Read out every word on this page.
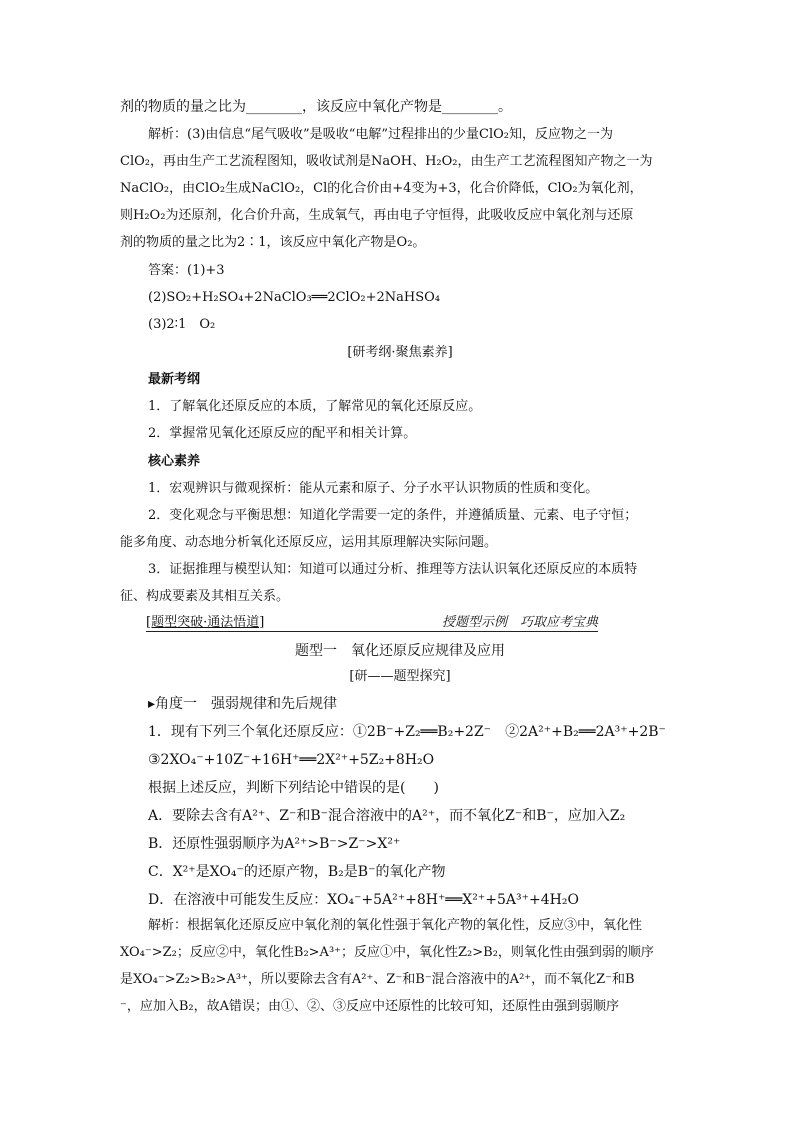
剂的物质的量之比为________，该反应中氧化产物是________。
解析：(3)由信息“尾气吸收”是吸收“电解”过程排出的少量ClO₂知，反应物之一为
ClO₂，再由生产工艺流程图知，吸收试剂是NaOH、H₂O₂，由生产工艺流程图知产物之一为
NaClO₂，由ClO₂生成NaClO₂，Cl的化合价由+4变为+3，化合价降低，ClO₂为氧化剂，
则H₂O₂为还原剂，化合价升高，生成氧气，再由电子守恒得，此吸收反应中氧化剂与还原
剂的物质的量之比为2∶1，该反应中氧化产物是O₂。
答案：(1)+3
(2)SO₂+H₂SO₄+2NaClO₃══2ClO₂+2NaHSO₄
(3)2∶1　O₂
[研考纲·聚焦素养]
最新考纲
1．了解氧化还原反应的本质，了解常见的氧化还原反应。
2．掌握常见氧化还原反应的配平和相关计算。
核心素养
1．宏观辨识与微观探析：能从元素和原子、分子水平认识物质的性质和变化。
2．变化观念与平衡思想：知道化学需要一定的条件，并遵循质量、元素、电子守恒；
能多角度、动态地分析氧化还原反应，运用其原理解决实际问题。
3．证据推理与模型认知：知道可以通过分析、推理等方法认识氧化还原反应的本质特
征、构成要素及其相互关系。
[题型突破·通法悟道]	授题型示例　巧取应考宝典
题型一　氧化还原反应规律及应用
[研——题型探究]
▸角度一　强弱规律和先后规律
1．现有下列三个氧化还原反应：①2B⁻+Z₂══B₂+2Z⁻　②2A²⁺+B₂══2A³⁺+2B⁻
③2XO₄⁻+10Z⁻+16H⁺══2X²⁺+5Z₂+8H₂O
根据上述反应，判断下列结论中错误的是(　　)
A．要除去含有A²⁺、Z⁻和B⁻混合溶液中的A²⁺，而不氧化Z⁻和B⁻，应加入Z₂
B．还原性强弱顺序为A²⁺>B⁻>Z⁻>X²⁺
C．X²⁺是XO₄⁻的还原产物，B₂是B⁻的氧化产物
D．在溶液中可能发生反应：XO₄⁻+5A²⁺+8H⁺══X²⁺+5A³⁺+4H₂O
解析：根据氧化还原反应中氧化剂的氧化性强于氧化产物的氧化性，反应③中，氧化性
XO₄⁻>Z₂；反应②中，氧化性B₂>A³⁺；反应①中，氧化性Z₂>B₂，则氧化性由强到弱的顺序
是XO₄⁻>Z₂>B₂>A³⁺，所以要除去含有A²⁺、Z⁻和B⁻混合溶液中的A²⁺，而不氧化Z⁻和B
⁻，应加入B₂，故A错误；由①、②、③反应中还原性的比较可知，还原性由强到弱顺序
